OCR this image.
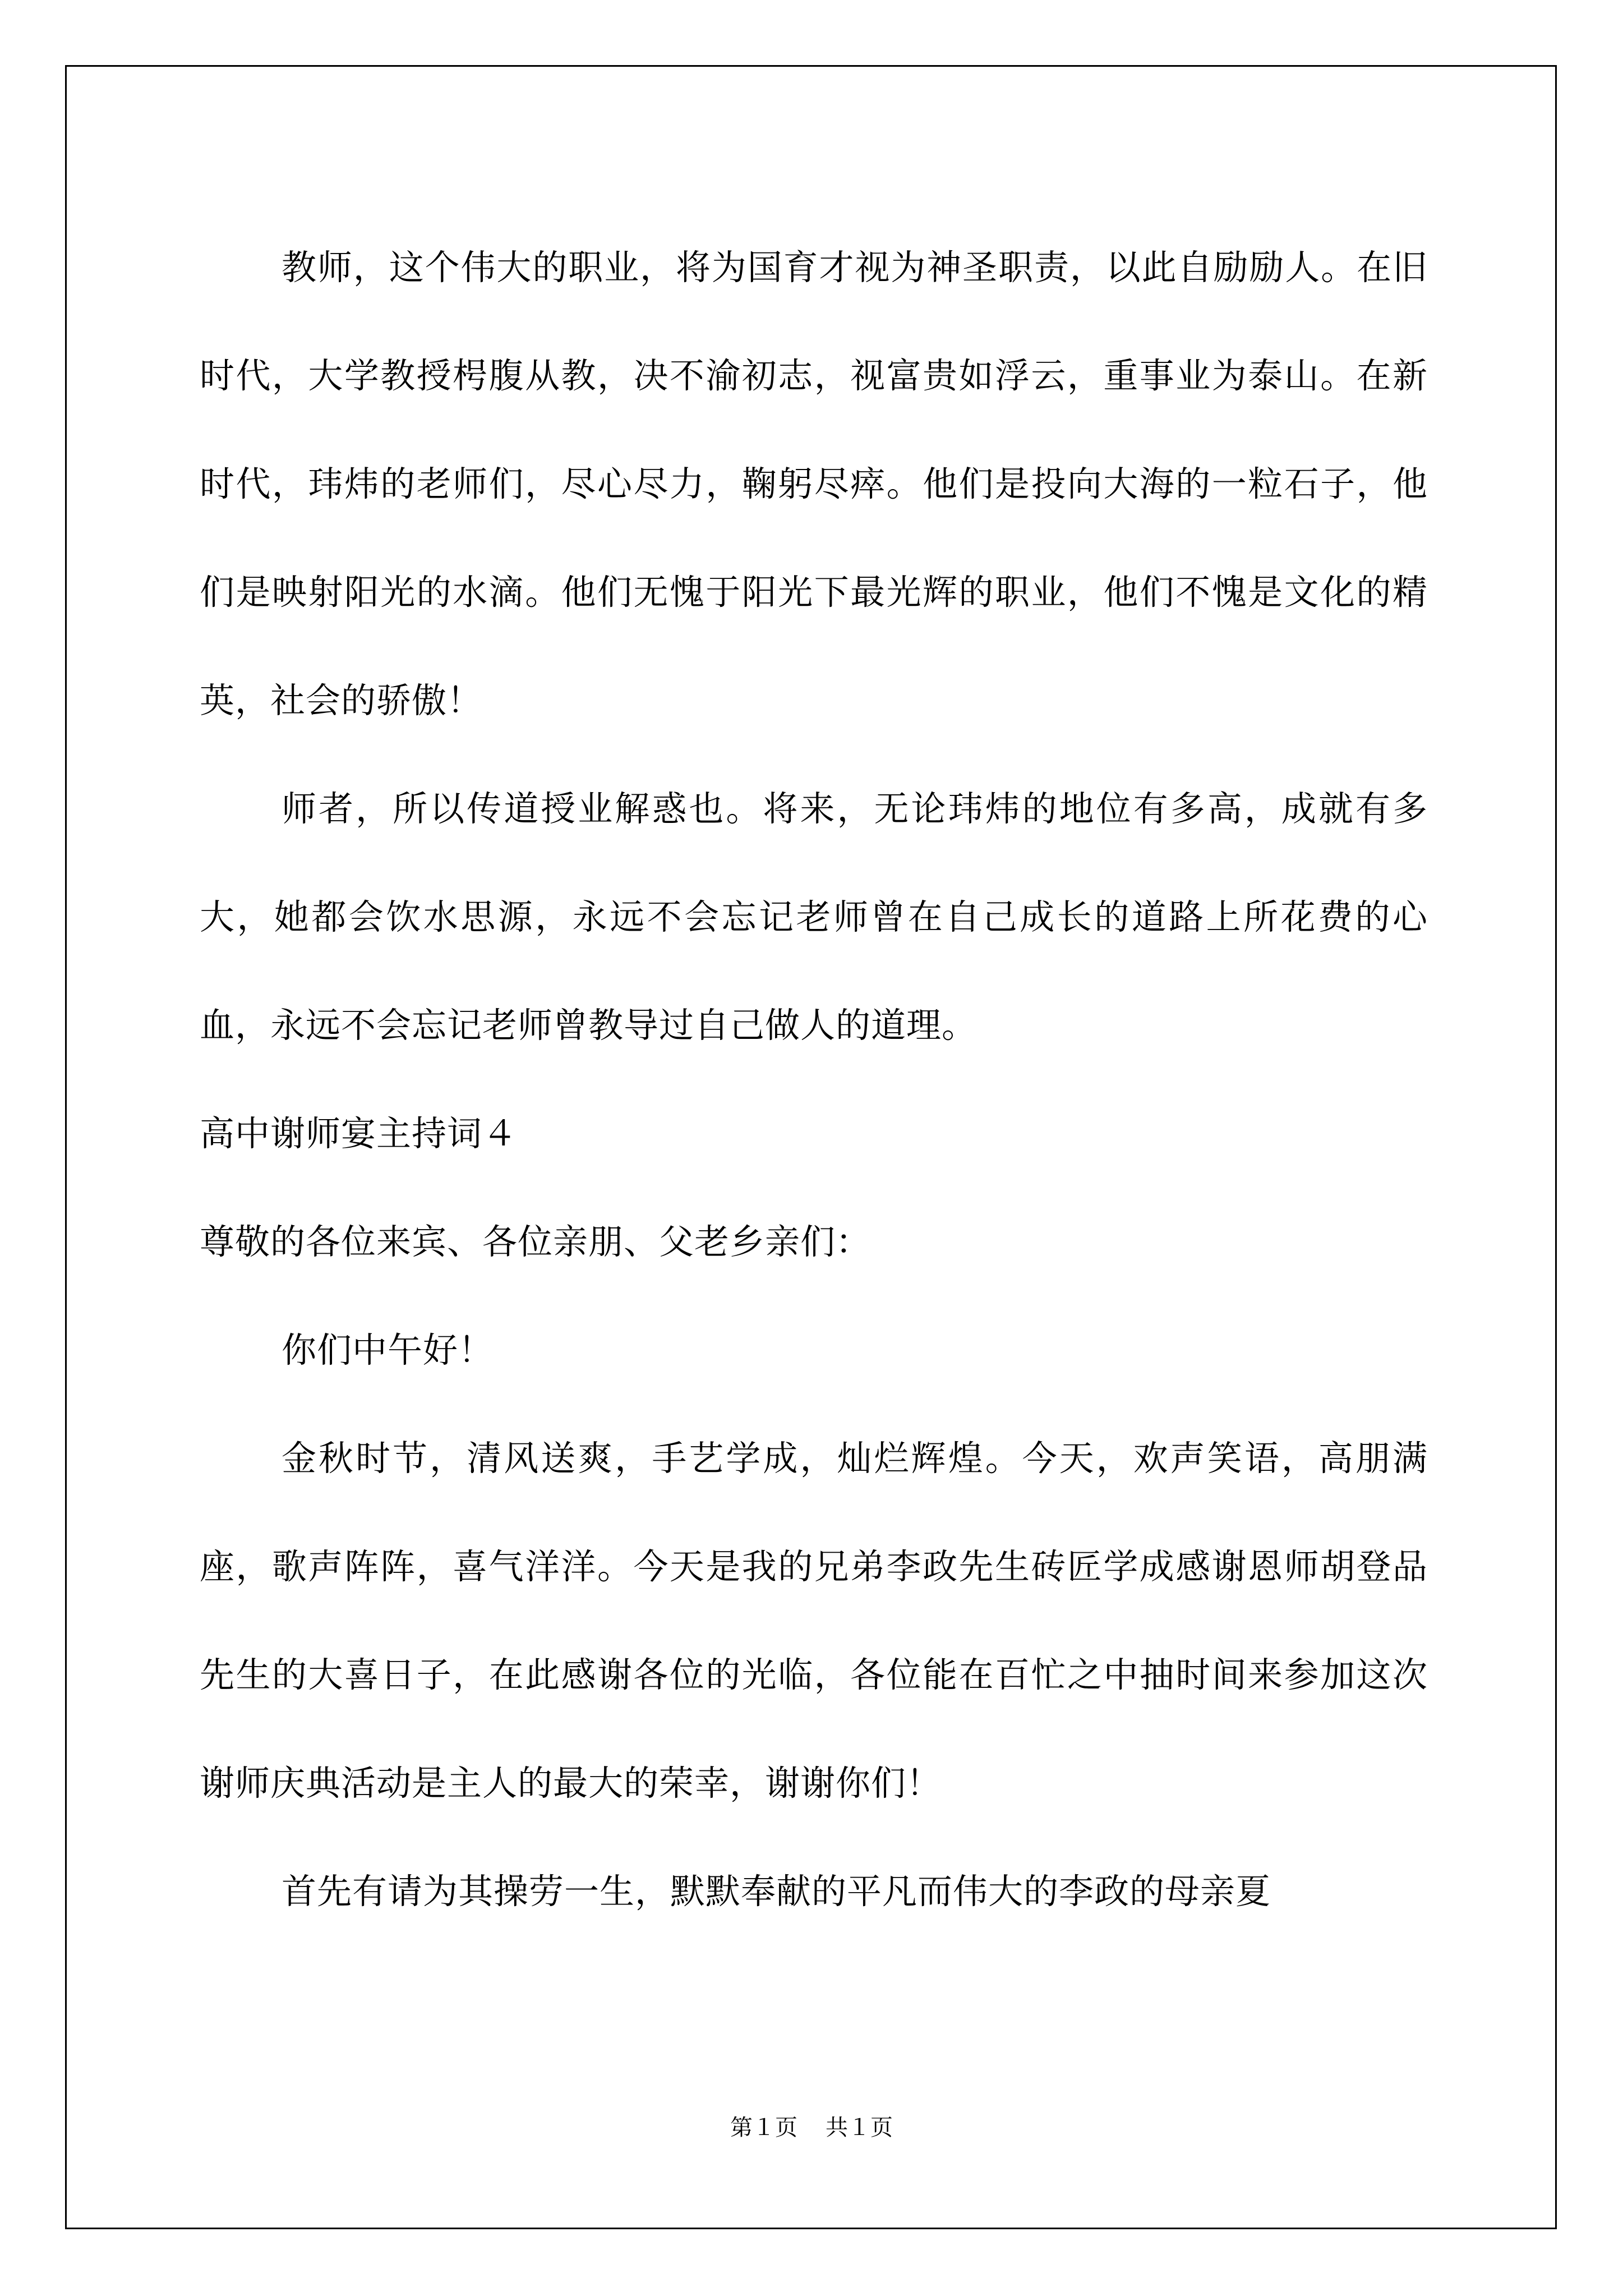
教师，这个伟大的职业，将为国育才视为神圣职责，以此自励励人。在旧时代，大学教授枵腹从教，决不渝初志，视富贵如浮云，重事业为泰山。在新时代，玮炜的老师们，尽心尽力，鞠躬尽瘁。他们是投向大海的一粒石子，他们是映射阳光的水滴。他们无愧于阳光下最光辉的职业，他们不愧是文化的精英，社会的骄傲！

师者，所以传道授业解惑也。将来，无论玮炜的地位有多高，成就有多大，她都会饮水思源，永远不会忘记老师曾在自己成长的道路上所花费的心血，永远不会忘记老师曾教导过自己做人的道理。

高中谢师宴主持词４

尊敬的各位来宾、各位亲朋、父老乡亲们：

你们中午好！

金秋时节，清风送爽，手艺学成，灿烂辉煌。今天，欢声笑语，高朋满座，歌声阵阵，喜气洋洋。今天是我的兄弟李政先生砖匠学成感谢恩师胡登品先生的大喜日子，在此感谢各位的光临，各位能在百忙之中抽时间来参加这次谢师庆典活动是主人的最大的荣幸，谢谢你们！

首先有请为其操劳一生，默默奉献的平凡而伟大的李政的母亲夏

第１页 共１页
